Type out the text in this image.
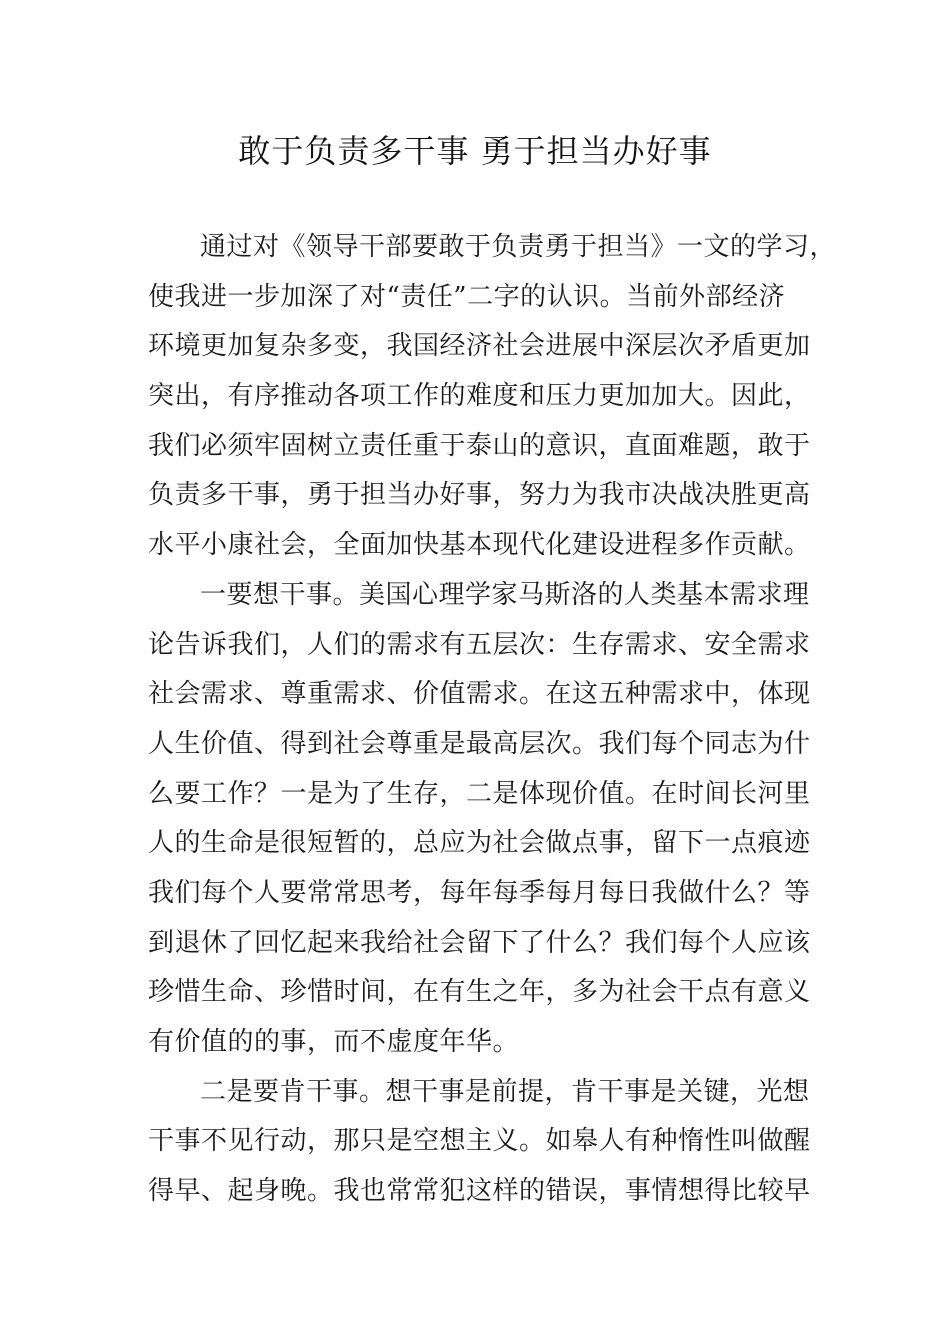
敢于负责多干事 勇于担当办好事
通过对《领导干部要敢于负责勇于担当》一文的学习，
使我进一步加深了对“责任”二字的认识。当前外部经济
环境更加复杂多变，我国经济社会进展中深层次矛盾更加
突出，有序推动各项工作的难度和压力更加加大。因此，
我们必须牢固树立责任重于泰山的意识，直面难题，敢于
负责多干事，勇于担当办好事，努力为我市决战决胜更高
水平小康社会，全面加快基本现代化建设进程多作贡献。
一要想干事。美国心理学家马斯洛的人类基本需求理
论告诉我们，人们的需求有五层次：生存需求、安全需求
社会需求、尊重需求、价值需求。在这五种需求中，体现
人生价值、得到社会尊重是最高层次。我们每个同志为什
么要工作？一是为了生存，二是体现价值。在时间长河里
人的生命是很短暂的，总应为社会做点事，留下一点痕迹
我们每个人要常常思考，每年每季每月每日我做什么？等
到退休了回忆起来我给社会留下了什么？我们每个人应该
珍惜生命、珍惜时间，在有生之年，多为社会干点有意义
有价值的的事，而不虚度年华。
二是要肯干事。想干事是前提，肯干事是关键，光想
干事不见行动，那只是空想主义。如皋人有种惰性叫做醒
得早、起身晚。我也常常犯这样的错误，事情想得比较早
